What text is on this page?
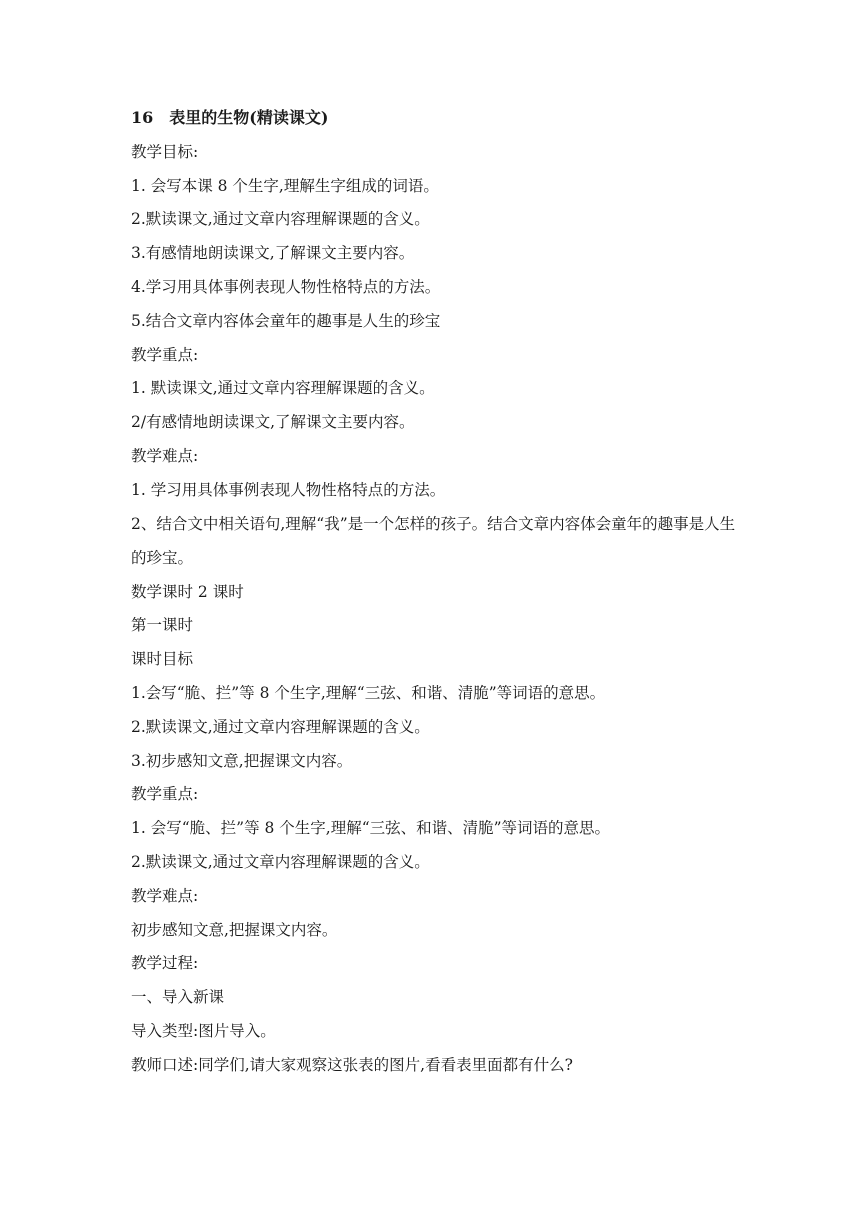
16　表里的生物(精读课文)
教学目标:
1. 会写本课 8 个生字,理解生字组成的词语。
2.默读课文,通过文章内容理解课题的含义。
3.有感情地朗读课文,了解课文主要内容。
4.学习用具体事例表现人物性格特点的方法。
5.结合文章内容体会童年的趣事是人生的珍宝
教学重点:
1. 默读课文,通过文章内容理解课题的含义。
2/有感情地朗读课文,了解课文主要内容。
教学难点:
1. 学习用具体事例表现人物性格特点的方法。
2、结合文中相关语句,理解“我”是一个怎样的孩子。结合文章内容体会童年的趣事是人生的珍宝。
数学课时 2 课时
第一课时
课时目标
1.会写“脆、拦”等 8 个生字,理解“三弦、和谐、清脆”等词语的意思。
2.默读课文,通过文章内容理解课题的含义。
3.初步感知文意,把握课文内容。
教学重点:
1. 会写“脆、拦”等 8 个生字,理解“三弦、和谐、清脆”等词语的意思。
2.默读课文,通过文章内容理解课题的含义。
教学难点:
初步感知文意,把握课文内容。
教学过程:
一、导入新课
导入类型:图片导入。
教师口述:同学们,请大家观察这张表的图片,看看表里面都有什么?
